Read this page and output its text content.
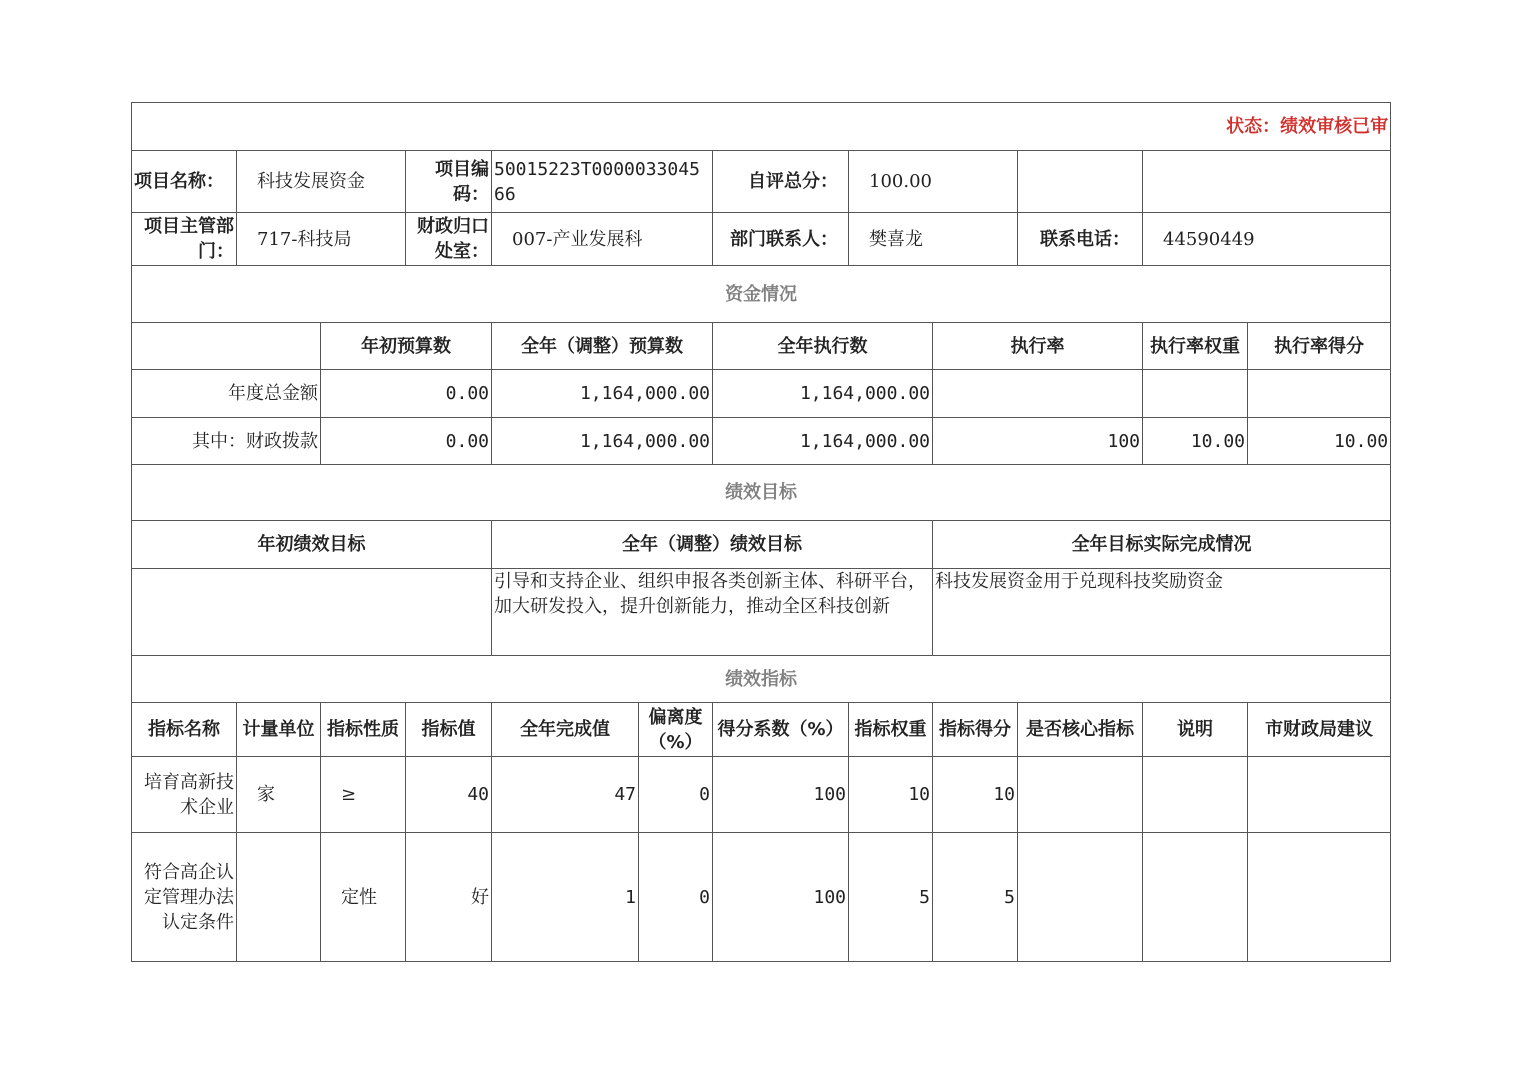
状态：绩效审核已审											
项目名称：	科技发展资金		项目编码：	50015223T000003304566		自评总分：	100.00				
项目主管部门：	717-科技局		财政归口处室：	007-产业发展科		部门联系人：	樊喜龙		联系电话：	44590449	
资金情况											
		年初预算数		全年（调整）预算数		全年执行数		执行率		执行率权重	执行率得分
年度总金额		0.00		1,164,000.00		1,164,000.00					
其中：财政拨款		0.00		1,164,000.00		1,164,000.00		100		10.00	10.00
绩效目标											
年初绩效目标				全年（调整）绩效目标				全年目标实际完成情况			
				引导和支持企业、组织申报各类创新主体、科研平台，加大研发投入，提升创新能力，推动全区科技创新				科技发展资金用于兑现科技奖励资金			
绩效指标											
指标名称	计量单位	指标性质	指标值	全年完成值	偏离度（%）	得分系数（%）	指标权重	指标得分	是否核心指标	说明	市财政局建议
培育高新技术企业	家	≥	40	47	0	100	10	10			
符合高企认定管理办法认定条件		定性	好	1	0	100	5	5			
